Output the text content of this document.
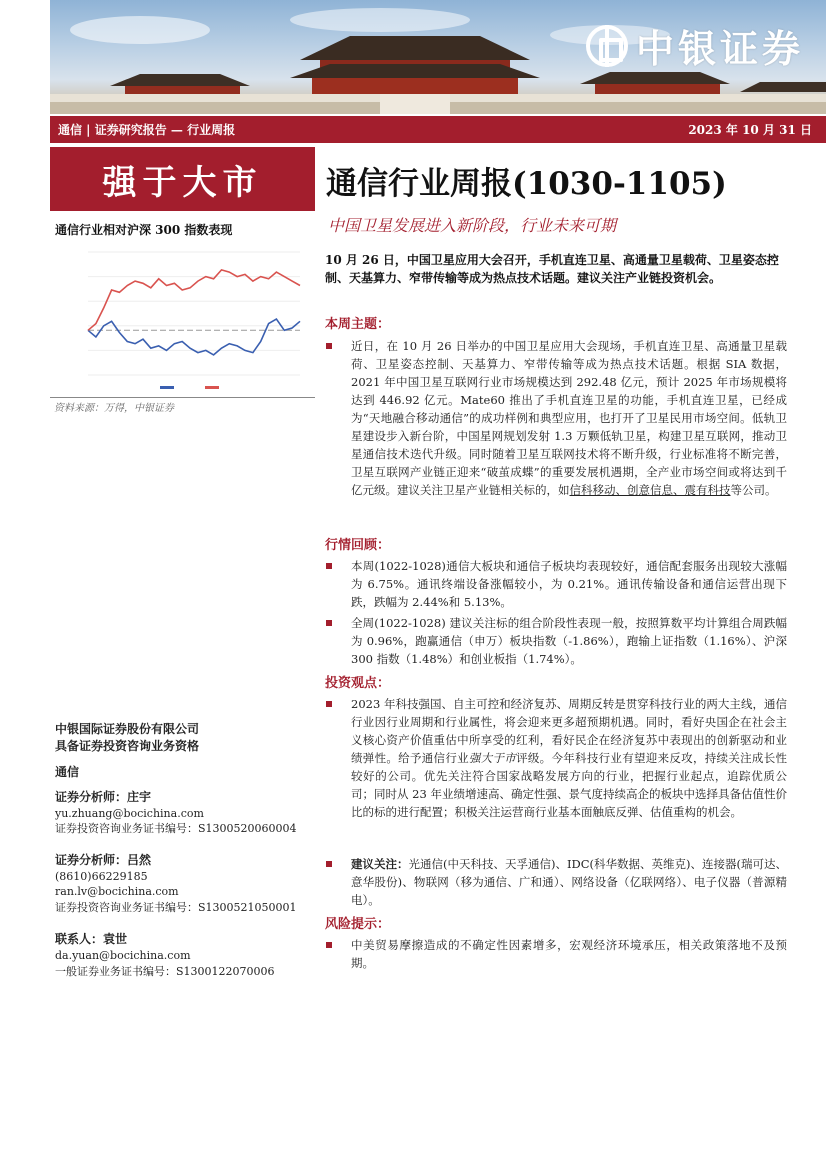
中银证券
通信 | 证券研究报告 — 行业周报	2023 年 10 月 31 日
强于大市
通信行业相对沪深 300 指数表现
资料来源：万得，中银证券
中银国际证券股份有限公司
具备证券投资咨询业务资格
通信
证券分析师：庄宇
yu.zhuang@bocichina.com
证券投资咨询业务证书编号：S1300520060004
证券分析师：吕然
(8610)66229185
ran.lv@bocichina.com
证券投资咨询业务证书编号：S1300521050001
联系人：袁世
da.yuan@bocichina.com
一般证券业务证书编号：S1300122070006
通信行业周报(1030-1105)
中国卫星发展进入新阶段，行业未来可期
10 月 26 日，中国卫星应用大会召开，手机直连卫星、高通量卫星载荷、卫星姿态控制、天基算力、窄带传输等成为热点技术话题。建议关注产业链投资机会。
本周主题：
近日，在 10 月 26 日举办的中国卫星应用大会现场，手机直连卫星、高通量卫星载荷、卫星姿态控制、天基算力、窄带传输等成为热点技术话题。根据 SIA 数据，2021 年中国卫星互联网行业市场规模达到 292.48 亿元，预计 2025 年市场规模将达到 446.92 亿元。Mate60 推出了手机直连卫星的功能，手机直连卫星，已经成为“天地融合移动通信”的成功样例和典型应用，也打开了卫星民用市场空间。低轨卫星建设步入新台阶，中国星网规划发射 1.3 万颗低轨卫星，构建卫星互联网，推动卫星通信技术迭代升级。同时随着卫星互联网技术将不断升级，行业标准将不断完善，卫星互联网产业链正迎来“破茧成蝶”的重要发展机遇期，全产业市场空间或将达到千亿元级。建议关注卫星产业链相关标的，如信科移动、创意信息、震有科技等公司。
行情回顾：
本周(1022-1028)通信大板块和通信子板块均表现较好，通信配套服务出现较大涨幅为 6.75%。通讯终端设备涨幅较小，为 0.21%。通讯传输设备和通信运营出现下跌，跌幅为 2.44%和 5.13%。
全周(1022-1028) 建议关注标的组合阶段性表现一般，按照算数平均计算组合周跌幅为 0.96%，跑赢通信（申万）板块指数（-1.86%），跑输上证指数（1.16%）、沪深 300 指数（1.48%）和创业板指（1.74%）。
投资观点：
2023 年科技强国、自主可控和经济复苏、周期反转是贯穿科技行业的两大主线，通信行业因行业周期和行业属性，将会迎来更多超预期机遇。同时，看好央国企在社会主义核心资产价值重估中所享受的红利，看好民企在经济复苏中表现出的创新驱动和业绩弹性。给予通信行业强大于市评级。今年科技行业有望迎来反攻，持续关注成长性较好的公司。优先关注符合国家战略发展方向的行业，把握行业起点，追踪优质公司；同时从 23 年业绩增速高、确定性强、景气度持续高企的板块中选择具备估值性价比的标的进行配置；积极关注运营商行业基本面触底反弹、估值重构的机会。
建议关注：光通信(中天科技、天孚通信)、IDC(科华数据、英维克)、连接器(瑞可达、意华股份)、物联网（移为通信、广和通）、网络设备（亿联网络）、电子仪器（普源精电）。
风险提示：
中美贸易摩擦造成的不确定性因素增多，宏观经济环境承压，相关政策落地不及预期。
